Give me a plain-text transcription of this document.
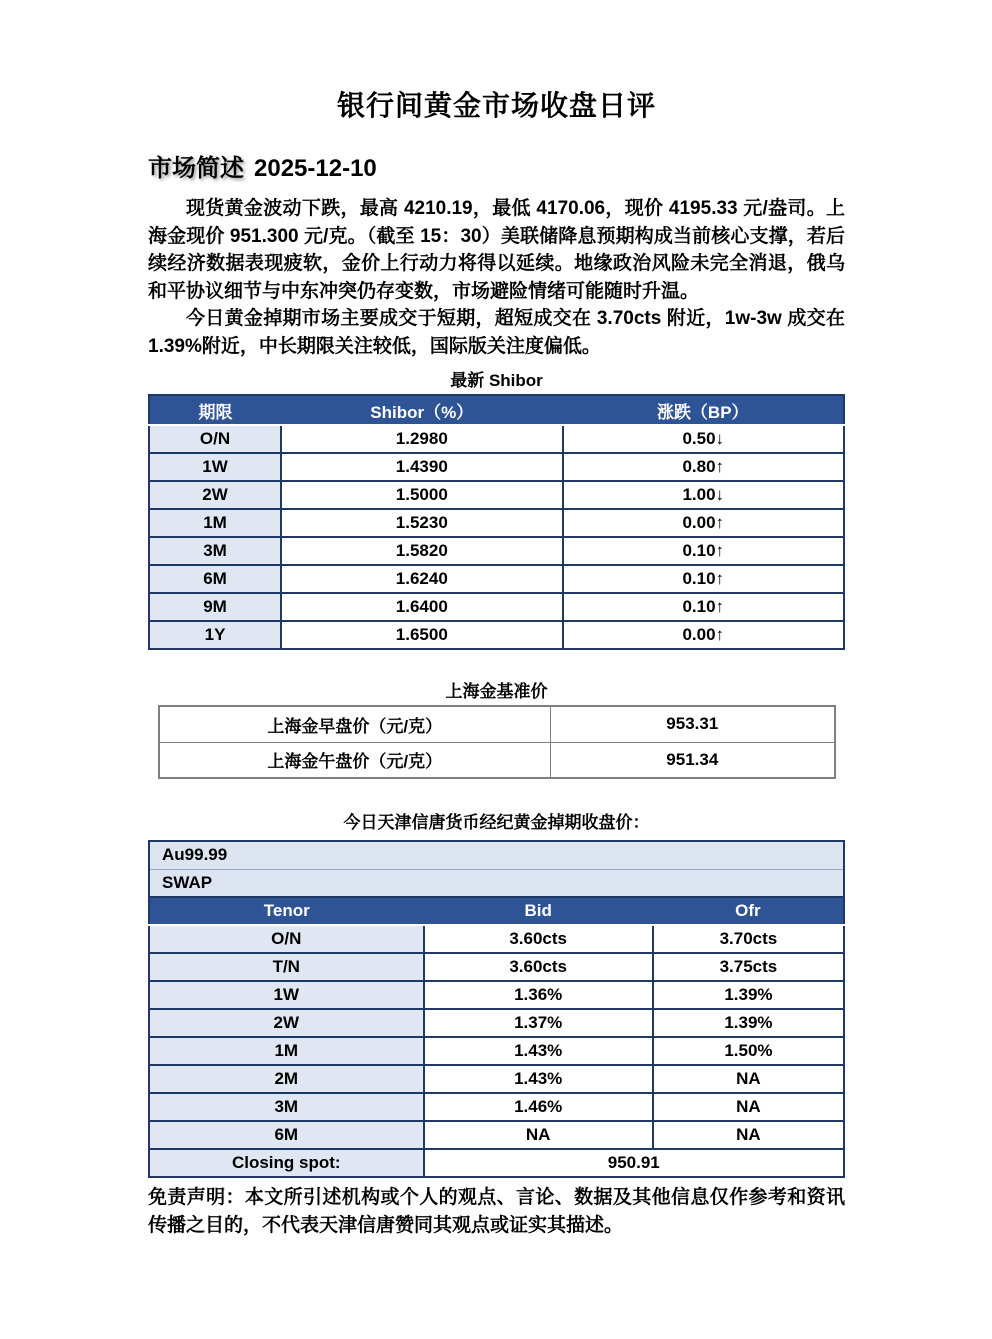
银行间黄金市场收盘日评
市场简述 2025-12-10

现货黄金波动下跌，最高 4210.19，最低 4170.06，现价 4195.33 元/盎司。上海金现价 951.300 元/克。（截至 15：30）美联储降息预期构成当前核心支撑，若后续经济数据表现疲软，金价上行动力将得以延续。地缘政治风险未完全消退，俄乌和平协议细节与中东冲突仍存变数，市场避险情绪可能随时升温。

今日黄金掉期市场主要成交于短期，超短成交在 3.70cts 附近，1w-3w 成交在 1.39%附近，中长期限关注较低，国际版关注度偏低。

最新 Shibor
期限	Shibor（%）	涨跌（BP）
O/N	1.2980	0.50↓
1W	1.4390	0.80↑
2W	1.5000	1.00↓
1M	1.5230	0.00↑
3M	1.5820	0.10↑
6M	1.6240	0.10↑
9M	1.6400	0.10↑
1Y	1.6500	0.00↑
上海金基准价
上海金早盘价（元/克）	953.31
上海金午盘价（元/克）	951.34
今日天津信唐货币经纪黄金掉期收盘价：
Au99.99		
SWAP		
Tenor	Bid	Ofr
O/N	3.60cts	3.70cts
T/N	3.60cts	3.75cts
1W	1.36%	1.39%
2W	1.37%	1.39%
1M	1.43%	1.50%
2M	1.43%	NA
3M	1.46%	NA
6M	NA	NA
Closing spot:	950.91	

免责声明：本文所引述机构或个人的观点、言论、数据及其他信息仅作参考和资讯传播之目的，不代表天津信唐赞同其观点或证实其描述。
